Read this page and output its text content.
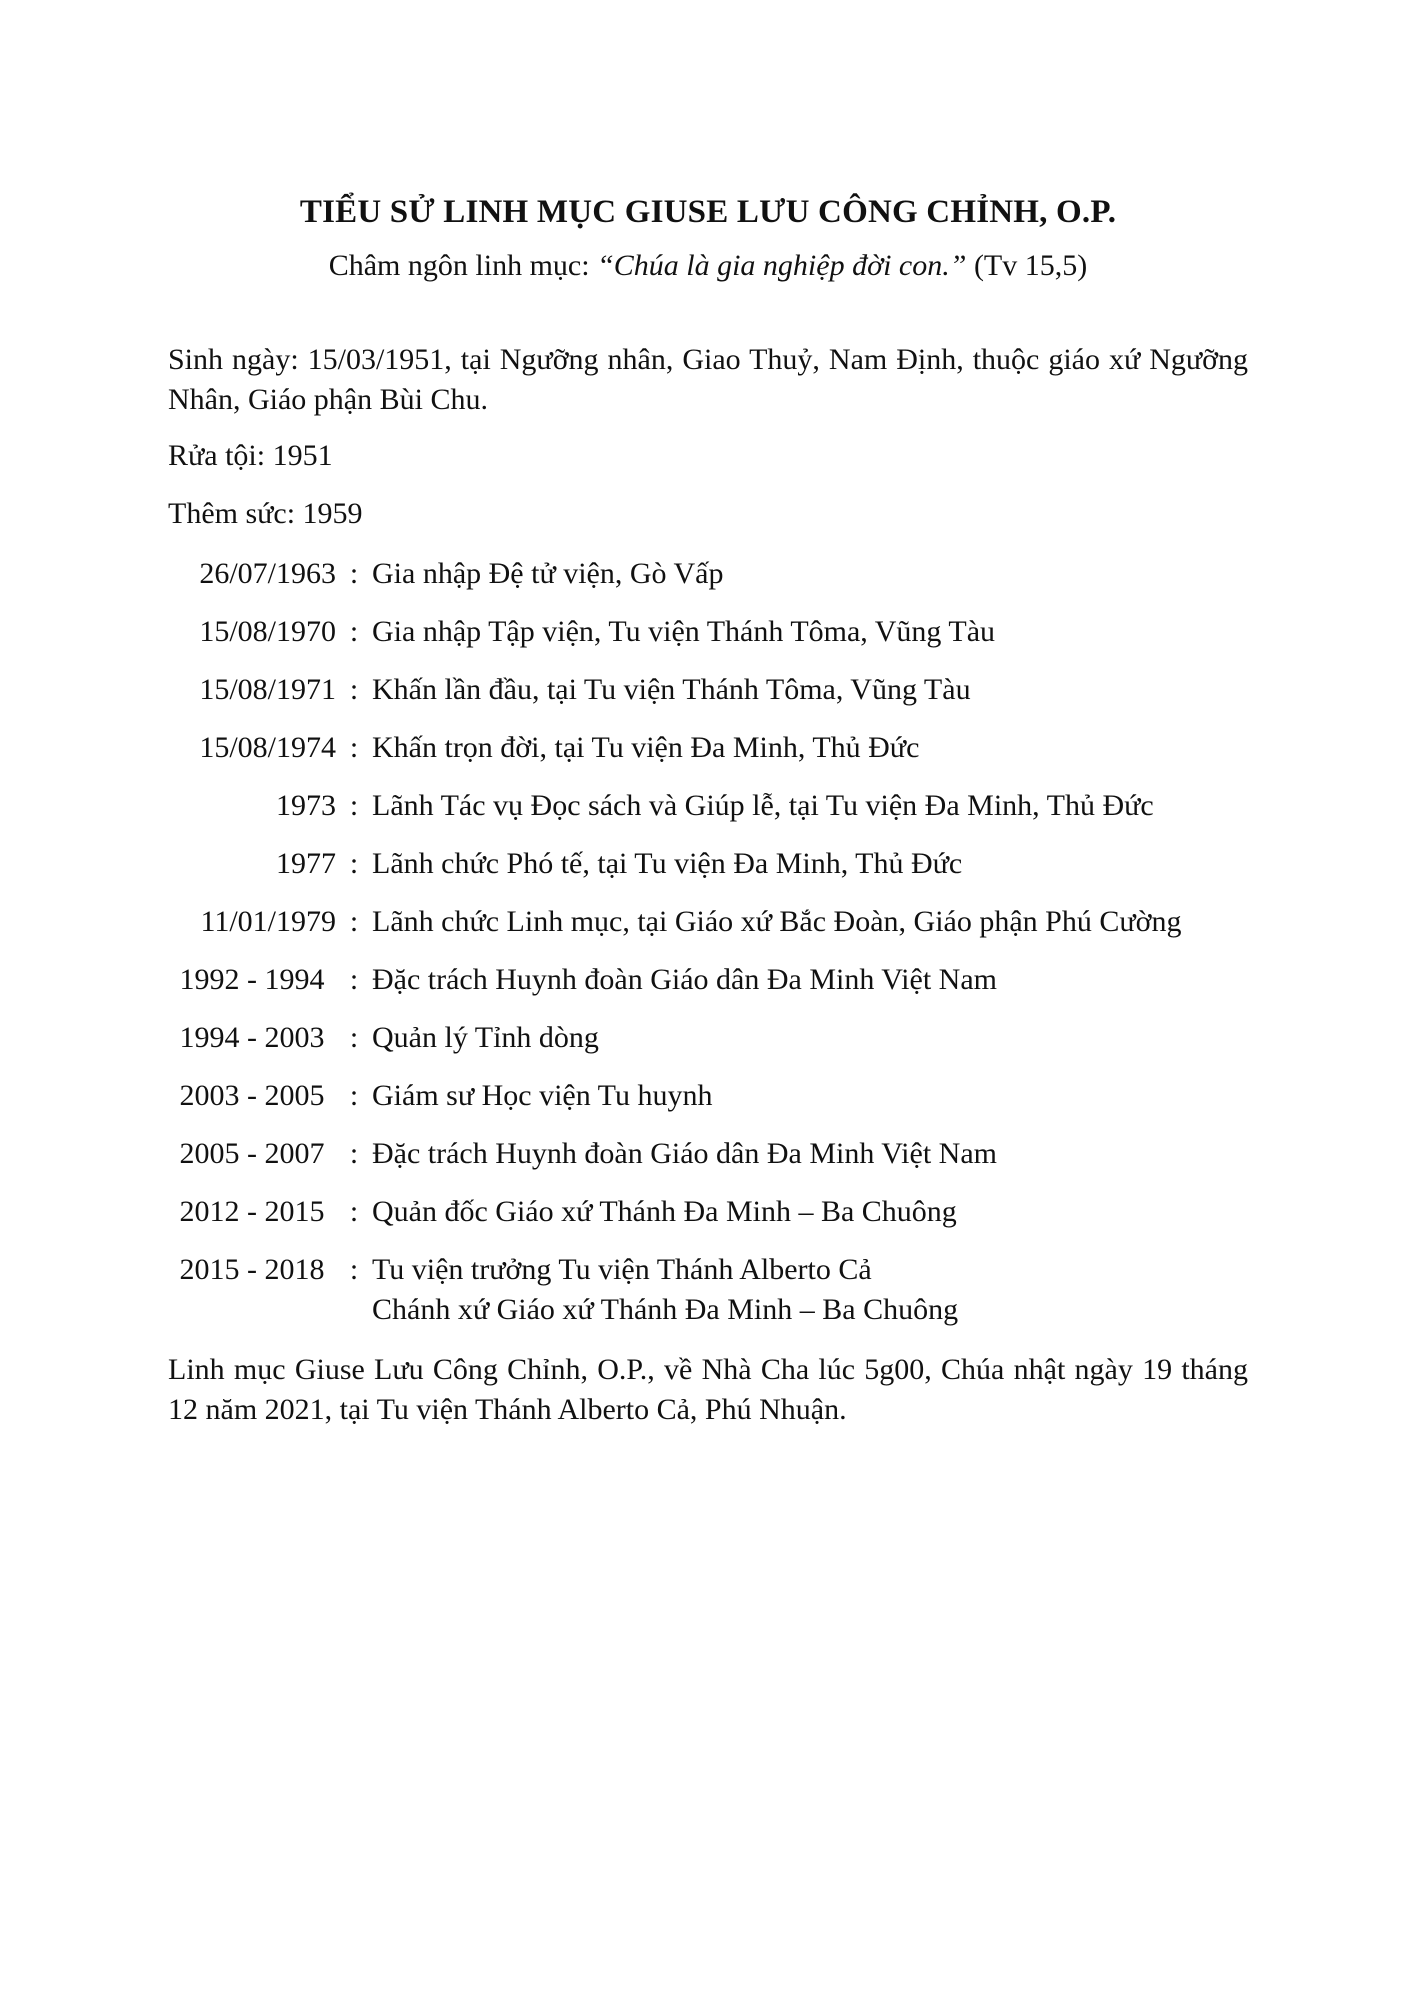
TIỂU SỬ LINH MỤC GIUSE LƯU CÔNG CHỈNH, O.P.

Châm ngôn linh mục: “Chúa là gia nghiệp đời con.” (Tv 15,5)

Sinh ngày: 15/03/1951, tại Ngưỡng nhân, Giao Thuỷ, Nam Định, thuộc giáo xứ Ngưỡng Nhân, Giáo phận Bùi Chu.

Rửa tội: 1951

Thêm sức: 1959

26/07/1963 : Gia nhập Đệ tử viện, Gò Vấp
15/08/1970 : Gia nhập Tập viện, Tu viện Thánh Tôma, Vũng Tàu
15/08/1971 : Khấn lần đầu, tại Tu viện Thánh Tôma, Vũng Tàu
15/08/1974 : Khấn trọn đời, tại Tu viện Đa Minh, Thủ Đức
1973 : Lãnh Tác vụ Đọc sách và Giúp lễ, tại Tu viện Đa Minh, Thủ Đức
1977 : Lãnh chức Phó tế, tại Tu viện Đa Minh, Thủ Đức
11/01/1979 : Lãnh chức Linh mục, tại Giáo xứ Bắc Đoàn, Giáo phận Phú Cường
1992 - 1994 : Đặc trách Huynh đoàn Giáo dân Đa Minh Việt Nam
1994 - 2003 : Quản lý Tỉnh dòng
2003 - 2005 : Giám sư Học viện Tu huynh
2005 - 2007 : Đặc trách Huynh đoàn Giáo dân Đa Minh Việt Nam
2012 - 2015 : Quản đốc Giáo xứ Thánh Đa Minh – Ba Chuông
2015 - 2018 : Tu viện trưởng Tu viện Thánh Alberto Cả
Chánh xứ Giáo xứ Thánh Đa Minh – Ba Chuông

Linh mục Giuse Lưu Công Chỉnh, O.P., về Nhà Cha lúc 5g00, Chúa nhật ngày 19 tháng 12 năm 2021, tại Tu viện Thánh Alberto Cả, Phú Nhuận.
